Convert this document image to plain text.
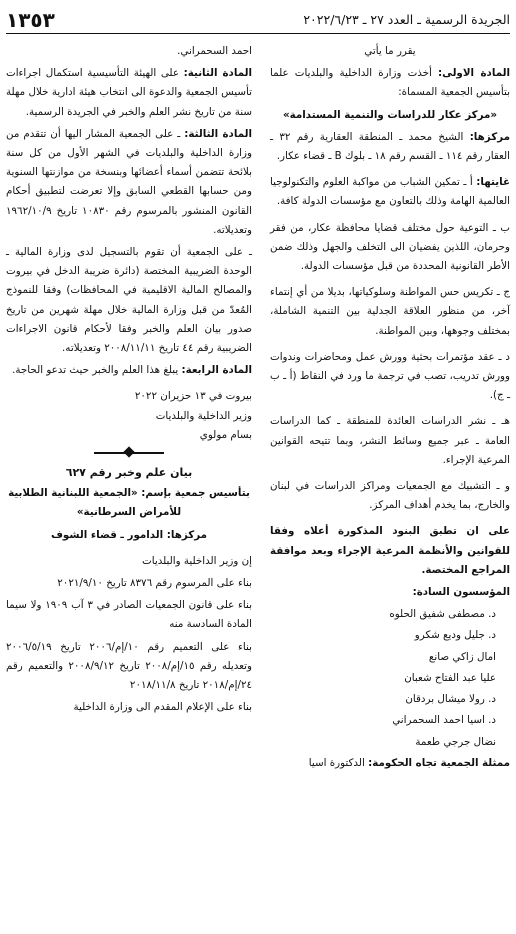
الجريدة الرسمية ـ العدد ٢٧ ـ ٢٠٢٢/٦/٢٣
١٣٥٣

يقرر ما يأتي

المادة الاولى: أخذت وزارة الداخلية والبلديات علما بتأسيس الجمعية المسماة:

«مركز عكار للدراسات والتنمية المستدامة»

مركزها: الشيخ محمد ـ المنطقة العقارية رقم ٣٢ ـ العقار رقم ١١٤ ـ القسم رقم ١٨ ـ بلوك B ـ قضاء عكار.

غايتها: أ ـ تمكين الشباب من مواكبة العلوم والتكنولوجيا العالمية الهامة وذلك بالتعاون مع مؤسسات الدولة كافة.

ب ـ التوعية حول مختلف قضايا محافظة عكار، من فقر وحرمان، اللذين يفضيان الى التخلف والجهل وذلك ضمن الأطر القانونية المحددة من قبل مؤسسات الدولة.

ج ـ تكريس حس المواطنة وسلوكياتها، بديلا من أي إنتماء آخر، من منظور العلاقة الجدلية بين التنمية الشاملة، بمختلف وجوهها، وبين المواطنة.

د ـ عقد مؤتمرات بحثية وورش عمل ومحاضرات وندوات وورش تدريب، تصب في ترجمة ما ورد في النقاط (أ ـ ب ـ ج).

هـ ـ نشر الدراسات العائدة للمنطقة ـ كما الدراسات العامة ـ عبر جميع وسائط النشر، وبما تتيحه القوانين المرعية الإجراء.

و ـ التشبيك مع الجمعيات ومراكز الدراسات في لبنان والخارج، بما يخدم أهداف المركز.

على ان تطبق البنود المذكورة أعلاه وفقا للقوانين والأنظمة المرعية الإجراء وبعد موافقة المراجع المختصة.

المؤسسون السادة:

د. مصطفى شفيق الحلوه

د. جليل وديع شكرو

امال زاكي صانع

عليا عبد الفتاح شعبان

د. رولا ميشال بردقان

د. اسيا احمد السحمراني

نضال جرجي طعمة

ممثلة الجمعية تجاه الحكومة: الدكتورة اسيا

احمد السحمراني.

المادة الثانية: على الهيئة التأسيسية استكمال اجراءات تأسيس الجمعية والدعوة الى انتخاب هيئة ادارية خلال مهلة سنة من تاريخ نشر العلم والخبر في الجريدة الرسمية.

المادة الثالثة: ـ على الجمعية المشار اليها أن تتقدم من وزارة الداخلية والبلديات في الشهر الأول من كل سنة بلائحة تتضمن أسماء أعضائها وبنسخة من موازنتها السنوية ومن حسابها القطعي السابق وإلا تعرضت لتطبيق أحكام القانون المنشور بالمرسوم رقم ١٠٨٣٠ تاريخ ١٩٦٢/١٠/٩ وتعديلاته.

ـ على الجمعية أن تقوم بالتسجيل لدى وزارة المالية ـ الوحدة الضريبية المختصة (دائرة ضريبة الدخل في بيروت والمصالح المالية الاقليمية في المحافظات) وفقا للنموذج المُعدّ من قبل وزارة المالية خلال مهلة شهرين من تاريخ صدور بيان العلم والخبر وفقا لأحكام قانون الاجراءات الضريبية رقم ٤٤ تاريخ ٢٠٠٨/١١/١١ وتعديلاته.

المادة الرابعة: يبلغ هذا العلم والخبر حيث تدعو الحاجة.

بيروت في ١٣ حزيران ٢٠٢٢

وزير الداخلية والبلديات

بسام مولوي

بيان علم وخبر رقم ٦٢٧

بتأسيس جمعية بإسم: «الجمعية اللبنانية الطلابية للأمراض السرطانية»

مركزها: الدامور ـ قضاء الشوف

إن وزير الداخلية والبلديات

بناء على المرسوم رقم ٨٣٧٦ تاريخ ٢٠٢١/٩/١٠

بناء على قانون الجمعيات الصادر في ٣ آب ١٩٠٩ ولا سيما المادة السادسة منه

بناء على التعميم رقم ١٠/إم/٢٠٠٦ تاريخ ٢٠٠٦/٥/١٩ وتعديله رقم ١٥/إم/٢٠٠٨ تاريخ ٢٠٠٨/٩/١٢ والتعميم رقم ٢٤/إم/٢٠١٨ تاريخ ٢٠١٨/١١/٨

بناء على الإعلام المقدم الى وزارة الداخلية
